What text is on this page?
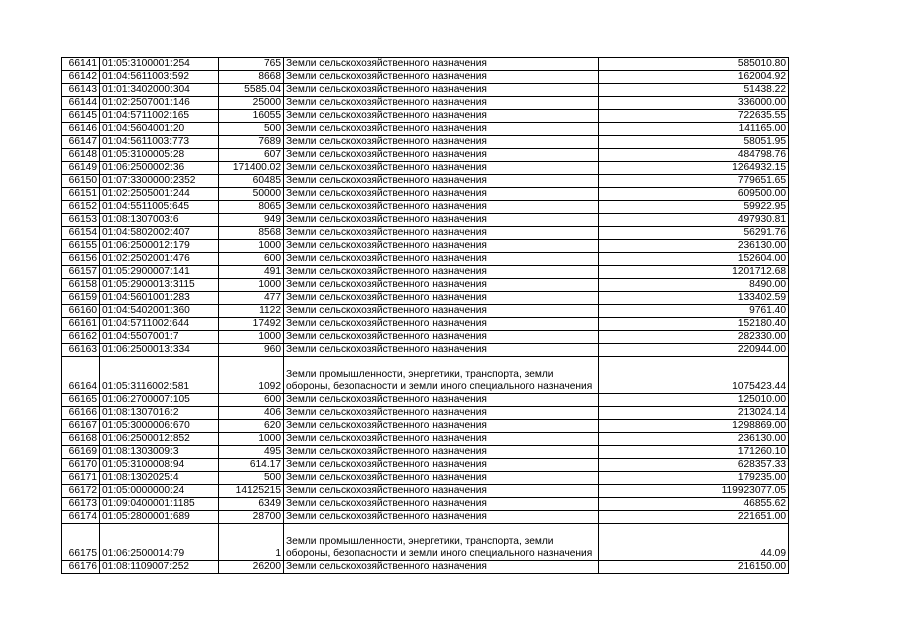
66141	01:05:3100001:254	765	Земли сельскохозяйственного назначения	585010.80
66142	01:04:5611003:592	8668	Земли сельскохозяйственного назначения	162004.92
66143	01:01:3402000:304	5585.04	Земли сельскохозяйственного назначения	51438.22
66144	01:02:2507001:146	25000	Земли сельскохозяйственного назначения	336000.00
66145	01:04:5711002:165	16055	Земли сельскохозяйственного назначения	722635.55
66146	01:04:5604001:20	500	Земли сельскохозяйственного назначения	141165.00
66147	01:04:5611003:773	7689	Земли сельскохозяйственного назначения	58051.95
66148	01:05:3100005:28	607	Земли сельскохозяйственного назначения	484798.76
66149	01:06:2500002:36	171400.02	Земли сельскохозяйственного назначения	1264932.15
66150	01:07:3300000:2352	60485	Земли сельскохозяйственного назначения	779651.65
66151	01:02:2505001:244	50000	Земли сельскохозяйственного назначения	609500.00
66152	01:04:5511005:645	8065	Земли сельскохозяйственного назначения	59922.95
66153	01:08:1307003:6	949	Земли сельскохозяйственного назначения	497930.81
66154	01:04:5802002:407	8568	Земли сельскохозяйственного назначения	56291.76
66155	01:06:2500012:179	1000	Земли сельскохозяйственного назначения	236130.00
66156	01:02:2502001:476	600	Земли сельскохозяйственного назначения	152604.00
66157	01:05:2900007:141	491	Земли сельскохозяйственного назначения	1201712.68
66158	01:05:2900013:3115	1000	Земли сельскохозяйственного назначения	8490.00
66159	01:04:5601001:283	477	Земли сельскохозяйственного назначения	133402.59
66160	01:04:5402001:360	1122	Земли сельскохозяйственного назначения	9761.40
66161	01:04:5711002:644	17492	Земли сельскохозяйственного назначения	152180.40
66162	01:04:5507001:7	1000	Земли сельскохозяйственного назначения	282330.00
66163	01:06:2500013:334	960	Земли сельскохозяйственного назначения	220944.00
66164	01:05:3116002:581	1092	Земли промышленности, энергетики, транспорта, земли обороны, безопасности и земли иного специального назначения	1075423.44
66165	01:06:2700007:105	600	Земли сельскохозяйственного назначения	125010.00
66166	01:08:1307016:2	406	Земли сельскохозяйственного назначения	213024.14
66167	01:05:3000006:670	620	Земли сельскохозяйственного назначения	1298869.00
66168	01:06:2500012:852	1000	Земли сельскохозяйственного назначения	236130.00
66169	01:08:1303009:3	495	Земли сельскохозяйственного назначения	171260.10
66170	01:05:3100008:94	614.17	Земли сельскохозяйственного назначения	628357.33
66171	01:08:1302025:4	500	Земли сельскохозяйственного назначения	179235.00
66172	01:05:0000000:24	14125215	Земли сельскохозяйственного назначения	119923077.05
66173	01:09:0400001:1185	6349	Земли сельскохозяйственного назначения	46855.62
66174	01:05:2800001:689	28700	Земли сельскохозяйственного назначения	221651.00
66175	01:06:2500014:79	1	Земли промышленности, энергетики, транспорта, земли обороны, безопасности и земли иного специального назначения	44.09
66176	01:08:1109007:252	26200	Земли сельскохозяйственного назначения	216150.00
